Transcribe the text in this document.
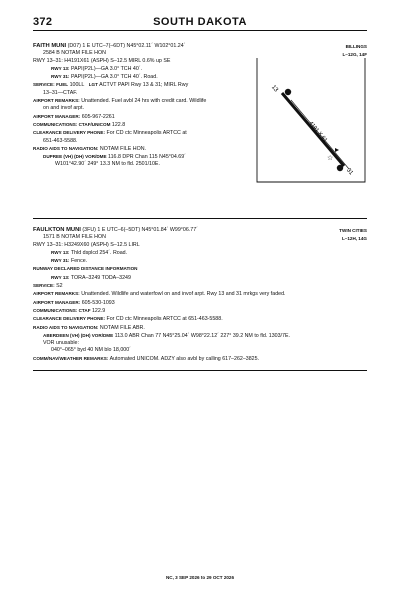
372	SOUTH DAKOTA
BILLINGS
L–12G, 14F
FAITH MUNI (D07) 1 E UTC–7(–6DT) N45°02.11´ W102°01.24´
2584 B NOTAM FILE HON
RWY 13–31: H4191X61 (ASPH) S–12.5 MIRL 0.6% up SE
RWY 13: PAPI(P2L)—GA 3.0° TCH 40´.
RWY 31: PAPI(P2L)—GA 3.0° TCH 40´. Road.
SERVICE: FUEL 100LL LGT ACTVT PAPI Rwy 13 & 31; MIRL Rwy
13–31—CTAF.
AIRPORT REMARKS: Unattended. Fuel avbl 24 hrs with credit card. Wildlife
on and invof arpt.
AIRPORT MANAGER: 605-967-2261
COMMUNICATIONS: CTAF/UNICOM 122.8
CLEARANCE DELIVERY PHONE: For CD ctc Minneapolis ARTCC at
651-463-5588.
RADIO AIDS TO NAVIGATION: NOTAM FILE HON.
DUPREE (VH) (DH) VOR/DME 116.8 DPR Chan 115 N45°04.69´
W101°42.90´ 249° 13.3 NM to fld. 2501/10E.
13
31
4191 X 61
☆
TWIN CITIES
L–12H, 14G
FAULKTON MUNI (3FU) 1 E UTC–6(–5DT) N45°01.84´ W99°06.77´
1571 B NOTAM FILE HON
RWY 13–31: H3249X60 (ASPH) S–12.5 LIRL
RWY 13: Thld dsplcd 254´. Road.
RWY 31: Fence.
RUNWAY DECLARED DISTANCE INFORMATION
RWY 13: TORA–3249 TODA–3249
SERVICE: S2
AIRPORT REMARKS: Unattended. Wildlife and waterfowl on and invof arpt. Rwy 13 and 31 mrkgs very faded.
AIRPORT MANAGER: 605-530-1093
COMMUNICATIONS: CTAF 122.9
CLEARANCE DELIVERY PHONE: For CD ctc Minneapolis ARTCC at 651-463-5588.
RADIO AIDS TO NAVIGATION: NOTAM FILE ABR.
ABERDEEN (VH) (DH) VOR/DME 113.0 ABR Chan 77 N45°25.04´ W98°22.12´ 227° 39.2 NM to fld. 1303/7E.
VOR unusable:
040°–065° byd 40 NM blo 18,000´
COMM/NAV/WEATHER REMARKS: Automated UNICOM. ADZY also avbl by calling 617–262–3825.
NC, 3 SEP 2026 to 29 OCT 2026
